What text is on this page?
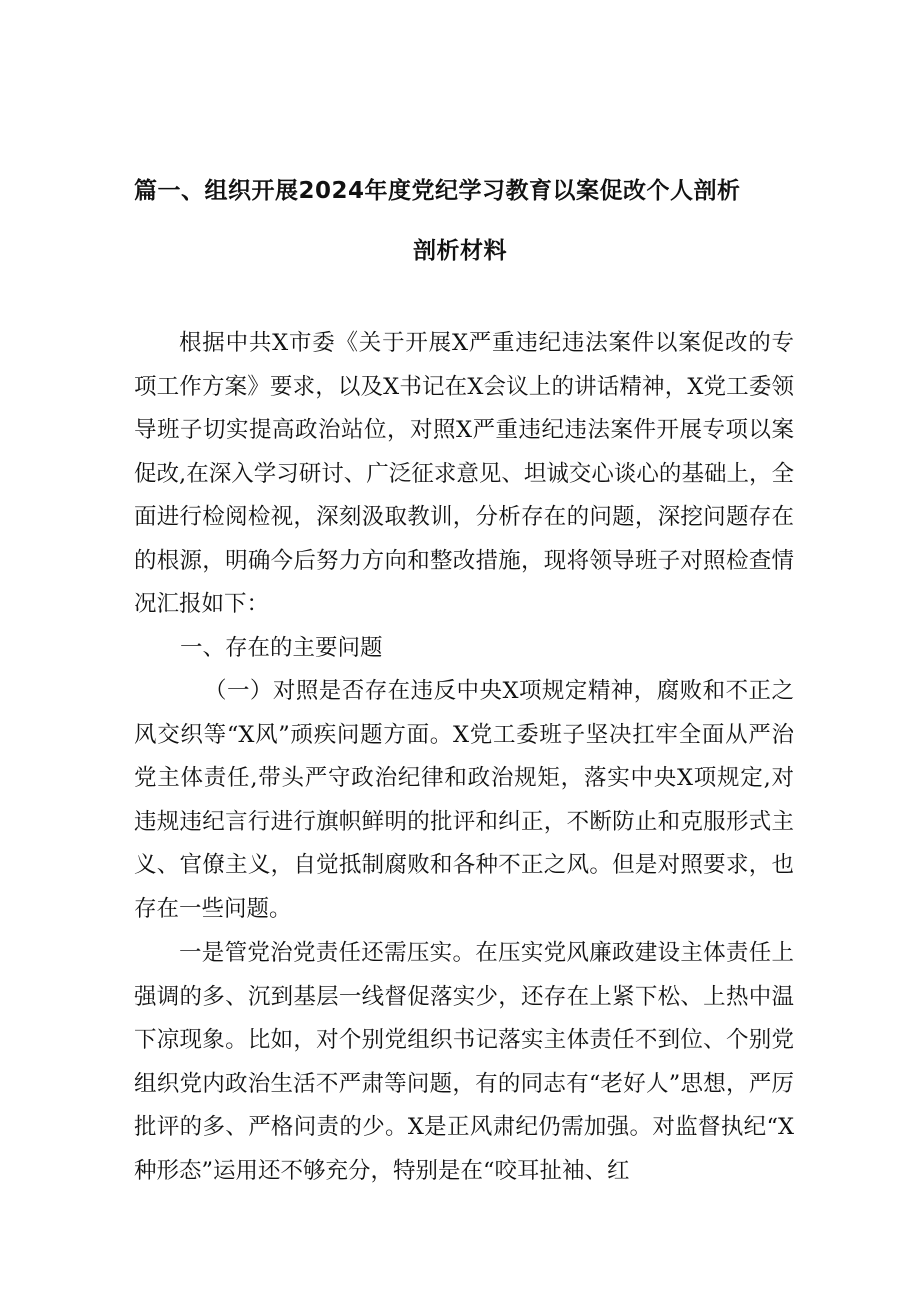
篇一、组织开展2024年度党纪学习教育以案促改个人剖析
剖析材料

根据中共X市委《关于开展X严重违纪违法案件以案促改的专项工作方案》要求，以及X书记在X会议上的讲话精神，X党工委领导班子切实提高政治站位，对照X严重违纪违法案件开展专项以案促改,在深入学习研讨、广泛征求意见、坦诚交心谈心的基础上，全面进行检阅检视，深刻汲取教训，分析存在的问题，深挖问题存在的根源，明确今后努力方向和整改措施，现将领导班子对照检查情况汇报如下：

一、存在的主要问题

（一）对照是否存在违反中央X项规定精神，腐败和不正之风交织等“X风”顽疾问题方面。X党工委班子坚决扛牢全面从严治党主体责任,带头严守政治纪律和政治规矩，落实中央X项规定,对违规违纪言行进行旗帜鲜明的批评和纠正，不断防止和克服形式主义、官僚主义，自觉抵制腐败和各种不正之风。但是对照要求，也存在一些问题。

一是管党治党责任还需压实。在压实党风廉政建设主体责任上强调的多、沉到基层一线督促落实少，还存在上紧下松、上热中温下凉现象。比如，对个别党组织书记落实主体责任不到位、个别党组织党内政治生活不严肃等问题，有的同志有“老好人”思想，严厉批评的多、严格问责的少。X是正风肃纪仍需加强。对监督执纪“X种形态”运用还不够充分，特别是在“咬耳扯袖、红
